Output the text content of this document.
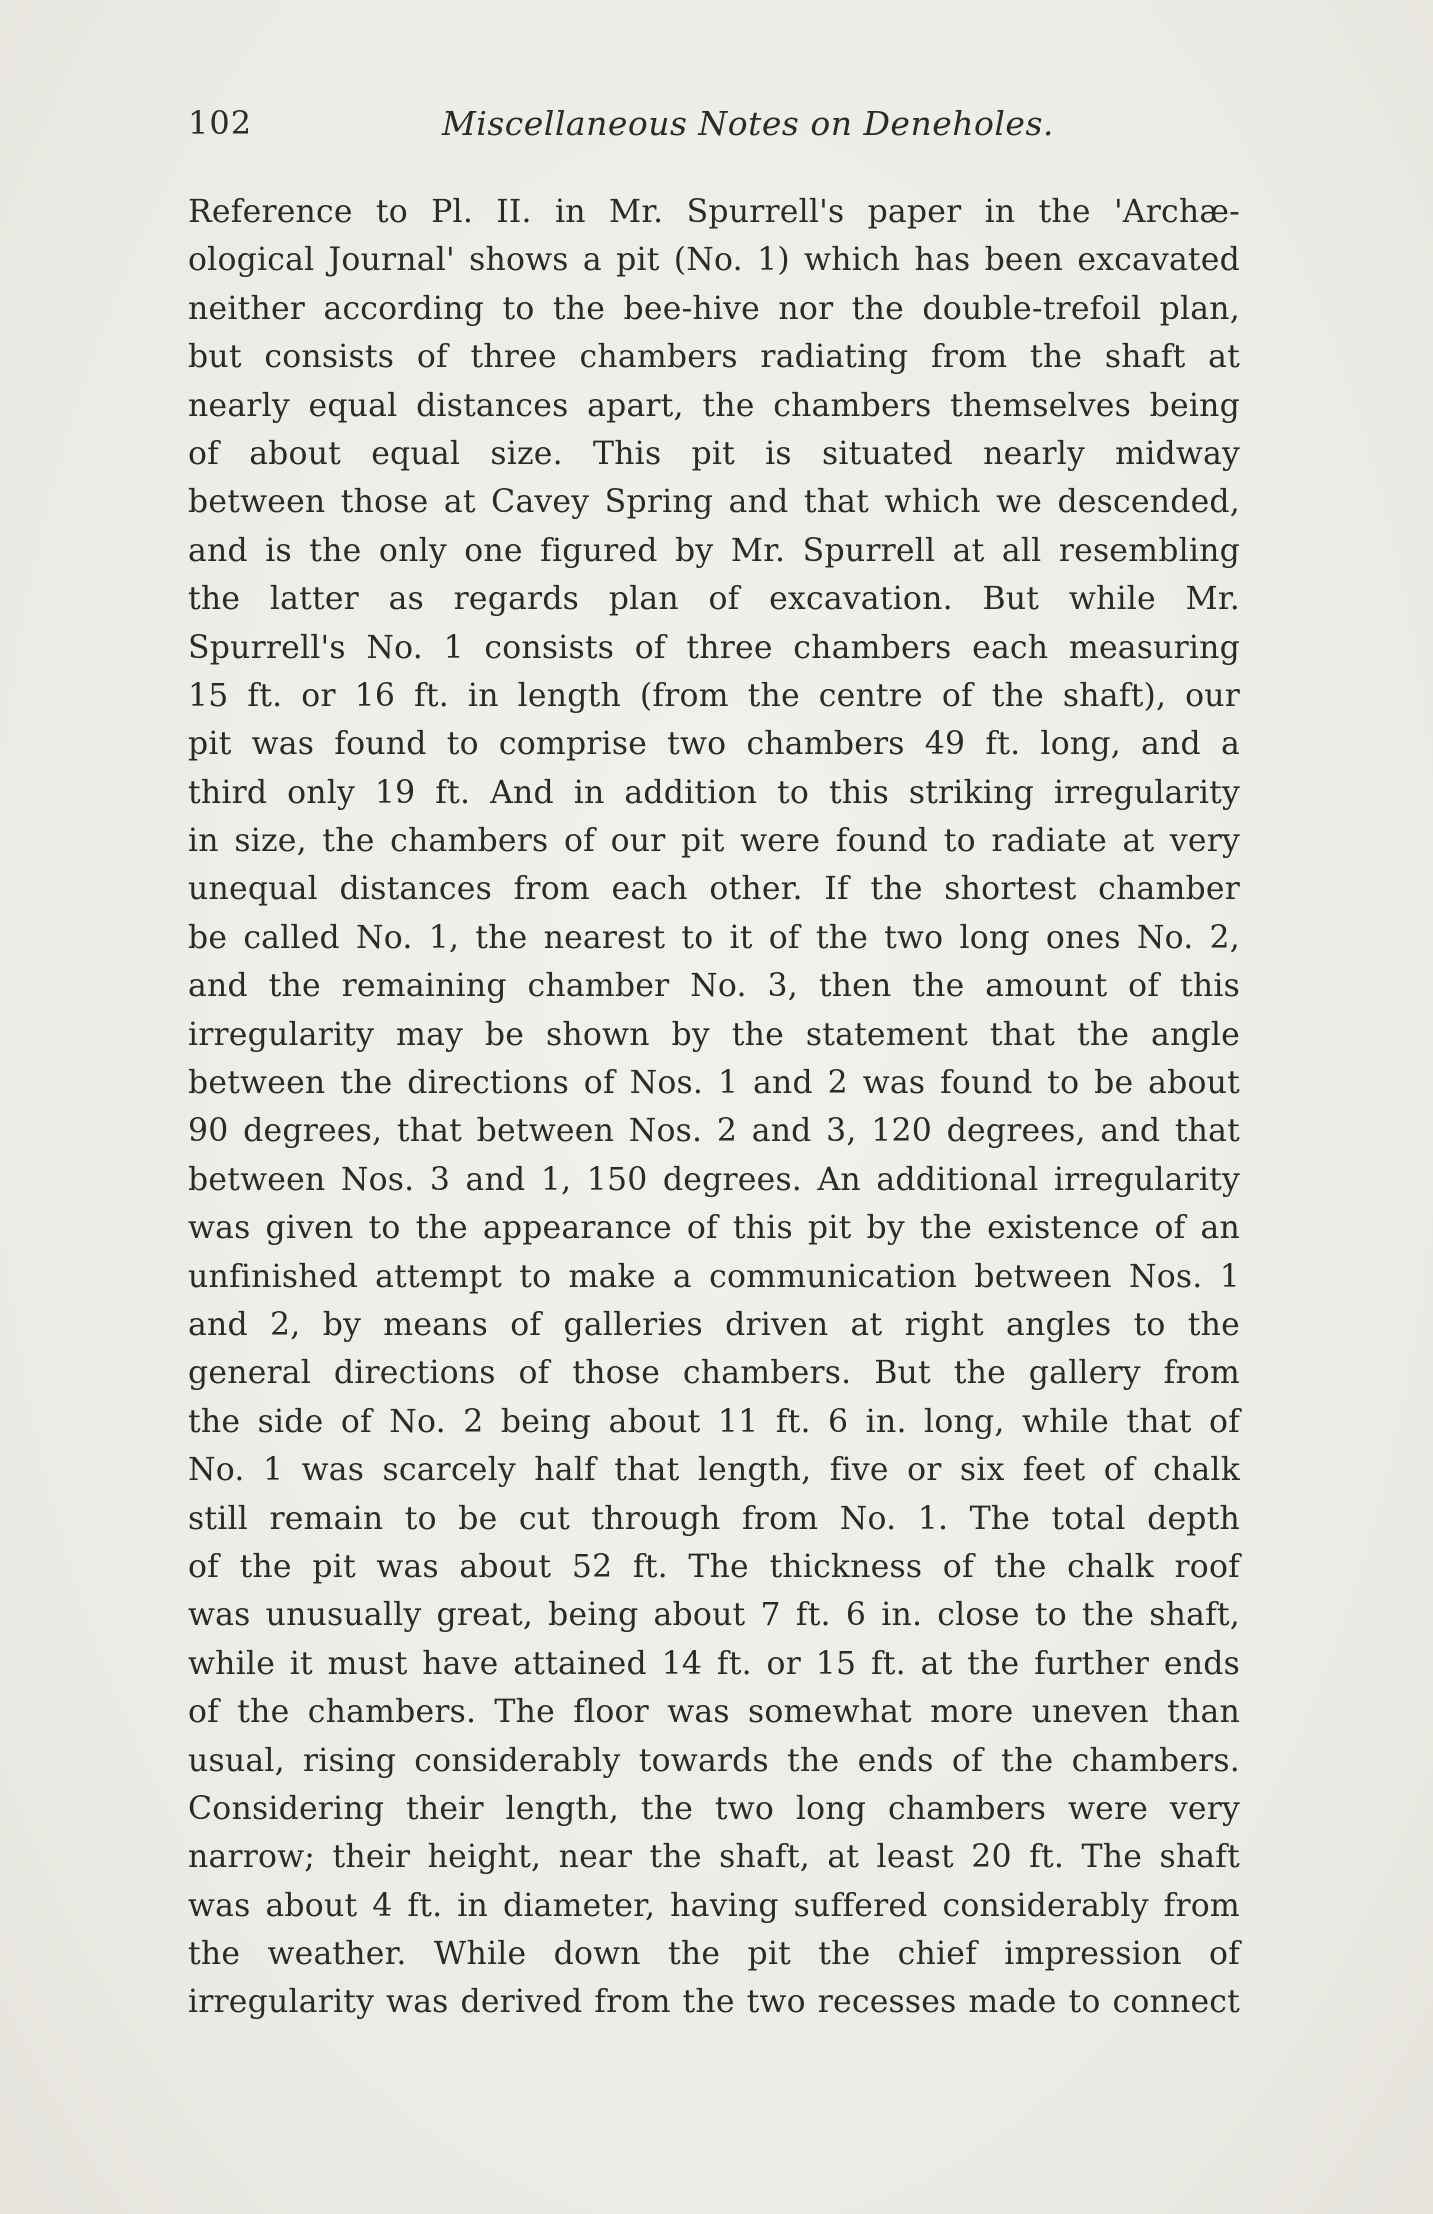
102	Miscellaneous Notes on Deneholes.
Reference to Pl. II. in Mr. Spurrell's paper in the 'Archæ-
ological Journal' shows a pit (No. 1) which has been excavated
neither according to the bee-hive nor the double-trefoil plan,
but consists of three chambers radiating from the shaft at
nearly equal distances apart, the chambers themselves being
of about equal size. This pit is situated nearly midway
between those at Cavey Spring and that which we descended,
and is the only one figured by Mr. Spurrell at all resembling
the latter as regards plan of excavation. But while Mr.
Spurrell's No. 1 consists of three chambers each measuring
15 ft. or 16 ft. in length (from the centre of the shaft), our
pit was found to comprise two chambers 49 ft. long, and a
third only 19 ft. And in addition to this striking irregularity
in size, the chambers of our pit were found to radiate at very
unequal distances from each other. If the shortest chamber
be called No. 1, the nearest to it of the two long ones No. 2,
and the remaining chamber No. 3, then the amount of this
irregularity may be shown by the statement that the angle
between the directions of Nos. 1 and 2 was found to be about
90 degrees, that between Nos. 2 and 3, 120 degrees, and that
between Nos. 3 and 1, 150 degrees. An additional irregularity
was given to the appearance of this pit by the existence of an
unfinished attempt to make a communication between Nos. 1
and 2, by means of galleries driven at right angles to the
general directions of those chambers. But the gallery from
the side of No. 2 being about 11 ft. 6 in. long, while that of
No. 1 was scarcely half that length, five or six feet of chalk
still remain to be cut through from No. 1. The total depth
of the pit was about 52 ft. The thickness of the chalk roof
was unusually great, being about 7 ft. 6 in. close to the shaft,
while it must have attained 14 ft. or 15 ft. at the further ends
of the chambers. The floor was somewhat more uneven than
usual, rising considerably towards the ends of the chambers.
Considering their length, the two long chambers were very
narrow; their height, near the shaft, at least 20 ft. The shaft
was about 4 ft. in diameter, having suffered considerably from
the weather. While down the pit the chief impression of
irregularity was derived from the two recesses made to connect
